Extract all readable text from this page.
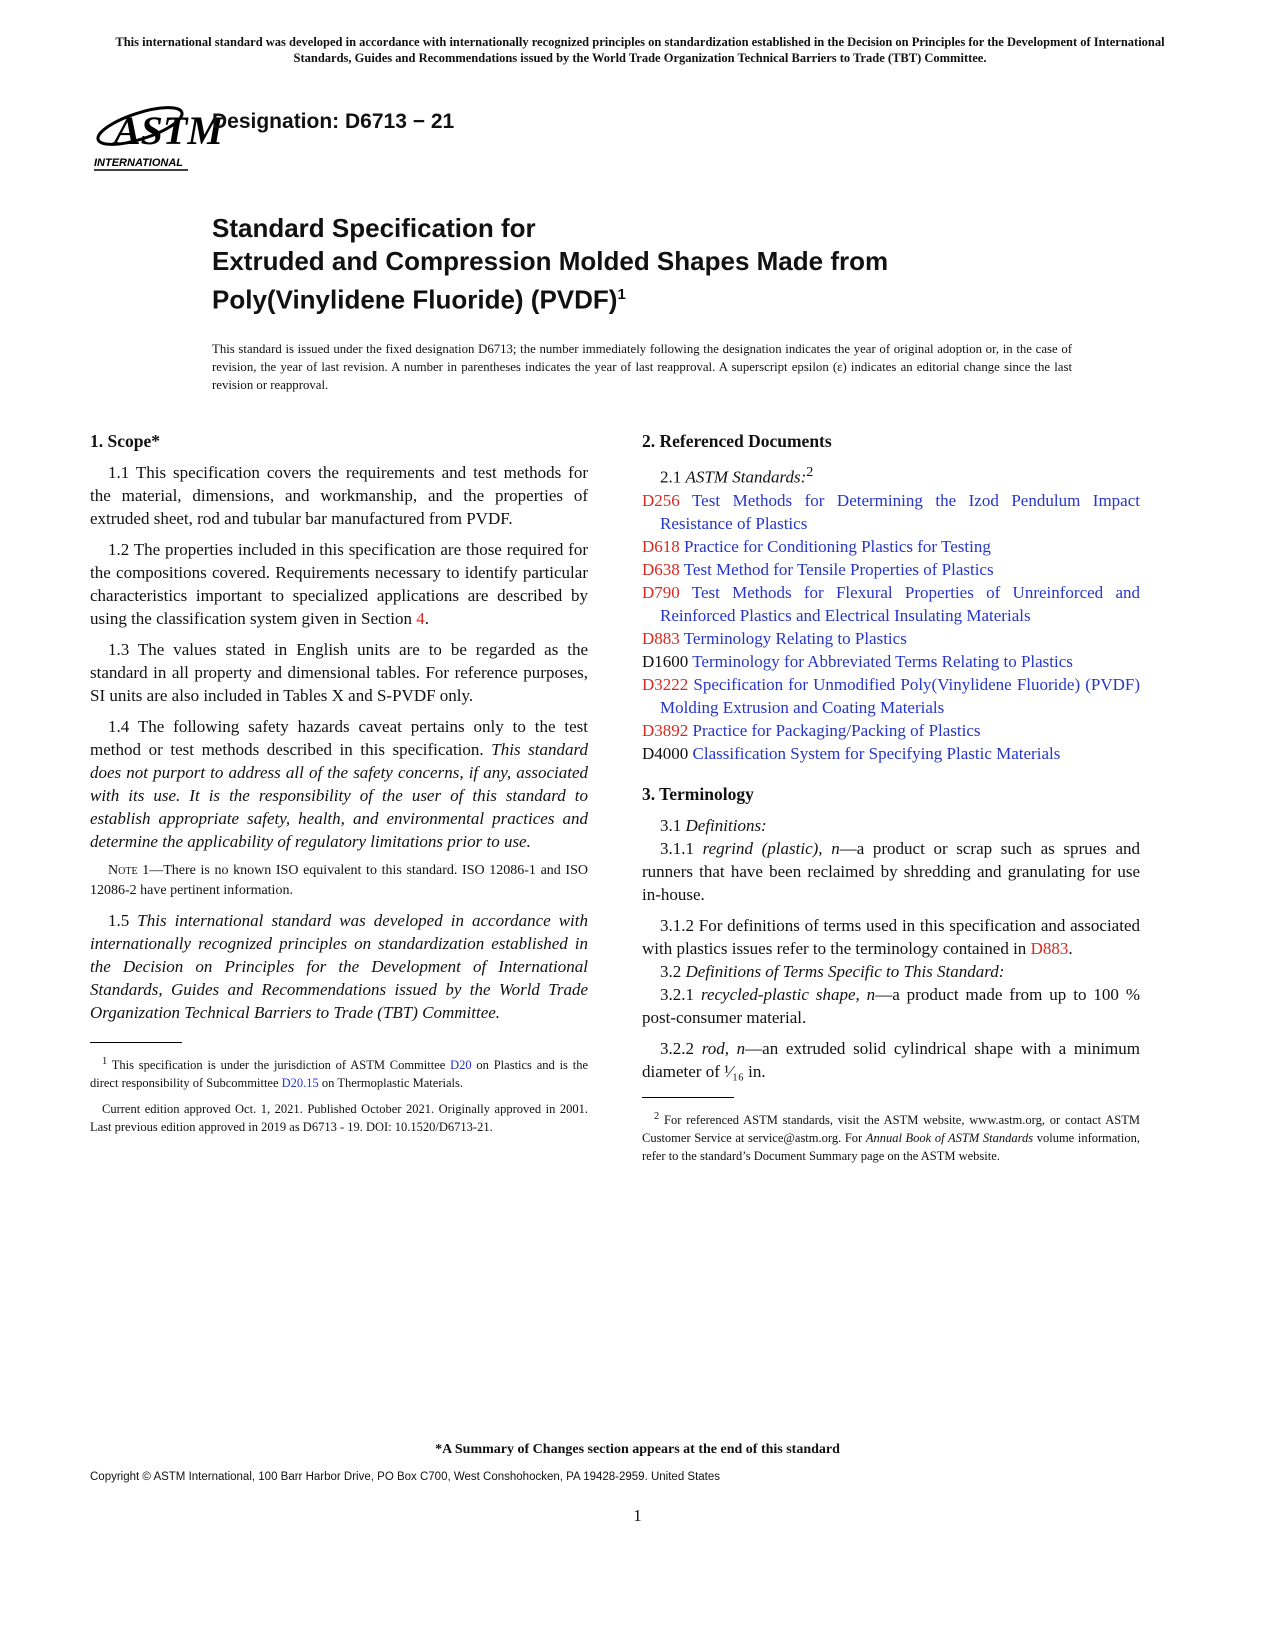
This international standard was developed in accordance with internationally recognized principles on standardization established in the Decision on Principles for the Development of International Standards, Guides and Recommendations issued by the World Trade Organization Technical Barriers to Trade (TBT) Committee.
ASTM
INTERNATIONAL
Designation: D6713 − 21
Standard Specification for
Extruded and Compression Molded Shapes Made from
Poly(Vinylidene Fluoride) (PVDF)$^1$
This standard is issued under the fixed designation D6713; the number immediately following the designation indicates the year of original adoption or, in the case of revision, the year of last revision. A number in parentheses indicates the year of last reapproval. A superscript epsilon (ε) indicates an editorial change since the last revision or reapproval.
1. Scope*

1.1 This specification covers the requirements and test methods for the material, dimensions, and workmanship, and the properties of extruded sheet, rod and tubular bar manufactured from PVDF.

1.2 The properties included in this specification are those required for the compositions covered. Requirements necessary to identify particular characteristics important to specialized applications are described by using the classification system given in Section 4.

1.3 The values stated in English units are to be regarded as the standard in all property and dimensional tables. For reference purposes, SI units are also included in Tables X and S-PVDF only.

1.4 The following safety hazards caveat pertains only to the test method or test methods described in this specification. This standard does not purport to address all of the safety concerns, if any, associated with its use. It is the responsibility of the user of this standard to establish appropriate safety, health, and environmental practices and determine the applicability of regulatory limitations prior to use.

Note 1—There is no known ISO equivalent to this standard. ISO 12086-1 and ISO 12086-2 have pertinent information.

1.5 This international standard was developed in accordance with internationally recognized principles on standardization established in the Decision on Principles for the Development of International Standards, Guides and Recommendations issued by the World Trade Organization Technical Barriers to Trade (TBT) Committee.

$^1$ This specification is under the jurisdiction of ASTM Committee D20 on Plastics and is the direct responsibility of Subcommittee D20.15 on Thermoplastic Materials.

Current edition approved Oct. 1, 2021. Published October 2021. Originally approved in 2001. Last previous edition approved in 2019 as D6713 - 19. DOI: 10.1520/D6713-21.

2. Referenced Documents

2.1 ASTM Standards:$^2$

D256 Test Methods for Determining the Izod Pendulum Impact Resistance of Plastics

D618 Practice for Conditioning Plastics for Testing

D638 Test Method for Tensile Properties of Plastics

D790 Test Methods for Flexural Properties of Unreinforced and Reinforced Plastics and Electrical Insulating Materials

D883 Terminology Relating to Plastics

D1600 Terminology for Abbreviated Terms Relating to Plastics

D3222 Specification for Unmodified Poly(Vinylidene Fluoride) (PVDF) Molding Extrusion and Coating Materials

D3892 Practice for Packaging/Packing of Plastics

D4000 Classification System for Specifying Plastic Materials

3. Terminology

3.1 Definitions:

3.1.1 regrind (plastic), n—a product or scrap such as sprues and runners that have been reclaimed by shredding and granulating for use in-house.

3.1.2 For definitions of terms used in this specification and associated with plastics issues refer to the terminology contained in D883.

3.2 Definitions of Terms Specific to This Standard:

3.2.1 recycled-plastic shape, n—a product made from up to 100 % post-consumer material.

3.2.2 rod, n—an extruded solid cylindrical shape with a minimum diameter of ¹⁄₁₆ in.

$^2$ For referenced ASTM standards, visit the ASTM website, www.astm.org, or contact ASTM Customer Service at service@astm.org. For Annual Book of ASTM Standards volume information, refer to the standard’s Document Summary page on the ASTM website.

*A Summary of Changes section appears at the end of this standard
Copyright © ASTM International, 100 Barr Harbor Drive, PO Box C700, West Conshohocken, PA 19428-2959. United States
1
